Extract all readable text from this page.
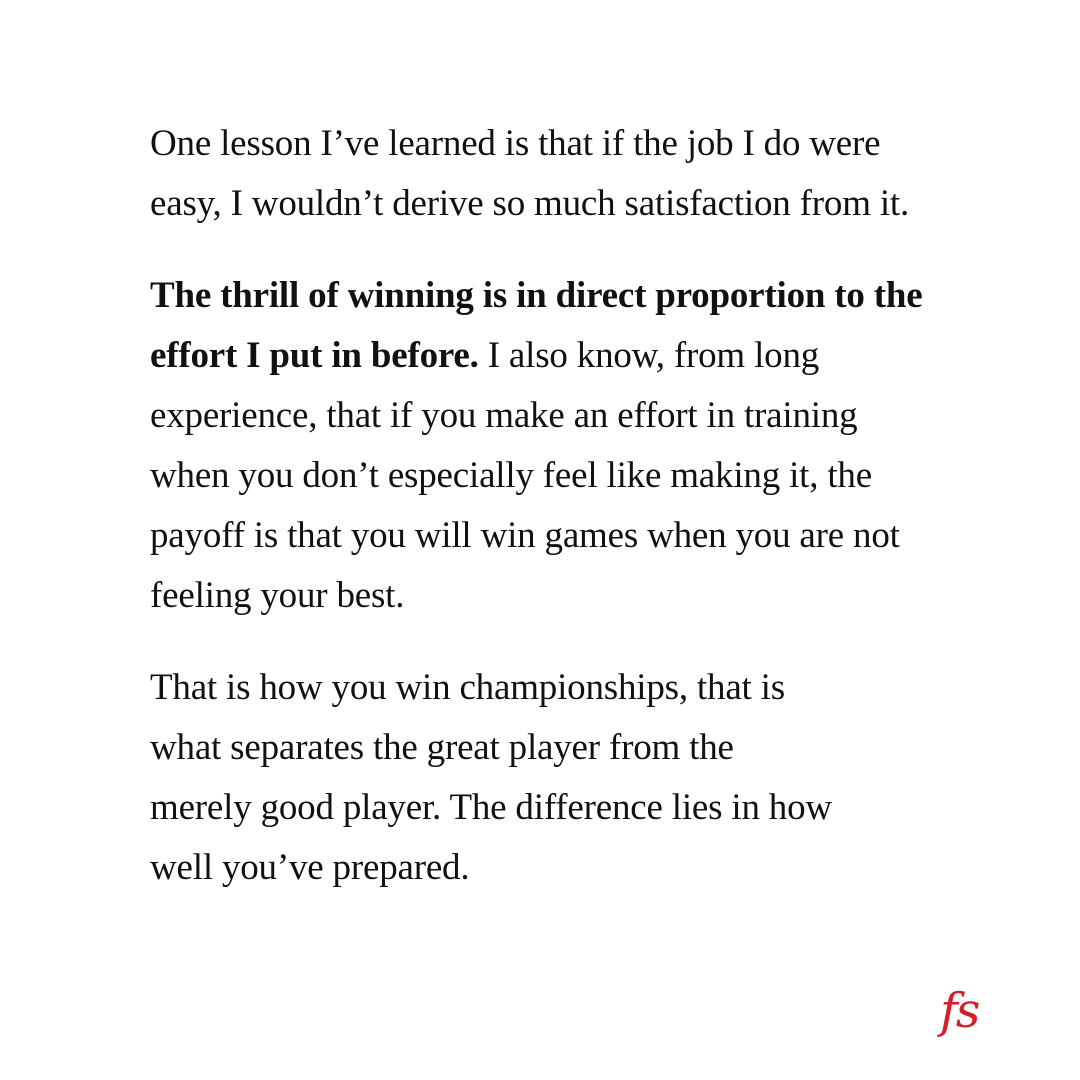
One lesson I’ve learned is that if the job I do were
easy, I wouldn’t derive so much satisfaction from it.

The thrill of winning is in direct proportion to the
effort I put in before. I also know, from long
experience, that if you make an effort in training
when you don’t especially feel like making it, the
payoff is that you will win games when you are not
feeling your best.

That is how you win championships, that is
what separates the great player from the
merely good player. The difference lies in how
well you’ve prepared.

fs
